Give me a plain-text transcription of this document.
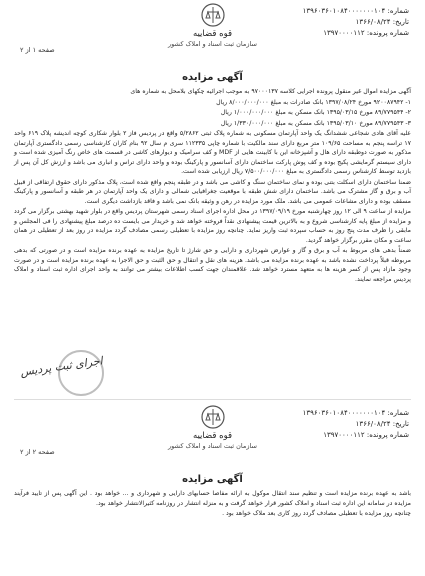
شماره: ۱۳۹۶۰۳۶۰۱۰۸۴۰۰۰۰۰۰۰۱۰۴
تاریخ: ۱۳۶۶/۰۸/۲۴
شماره پرونده: ۱۳۹۷۰۰۰۰۱۱۲
قوه قضاییه
سازمان ثبت اسناد و املاک کشور
صفحه ۱ از ۲
آگهی مزایده

آگهی مزایده اموال غیر منقول پرونده اجرایی کلاسه ۹۷۰۰۰۱۳۷ به موجب اجرائیه چکهای بلامحل به شماره های

۱- ۹۲۰۰۸۷۹۴۲ مورخ ۱۳۹۷/۰۸/۲۴ بانک صادرات به مبلغ ۸/۰۰۰/۰۰۰/۰۰۰ ریال

۲- ۸۹/۷۷۹۵۴۴ مورخ ۱۳۹۵/۰۳/۱۵ بانک مسکن به مبلغ ۱/۰۰۰/۰۰۰/۰۰۰ ریال

۳- ۸۹/۷۷۹۵۴۳ مورخ ۱۳۹۵/۰۳/۱۰ بانک مسکن به مبلغ ۱/۳۳۰/۰۰۰/۰۰۰ ریال

علیه آقای هادی شجاعی ششدانگ یک واحد آپارتمان مسکونی به شماره پلاک ثبتی ۵/۲۸۶۲ واقع در پردیس فاز ۲ بلوار شکاری کوچه اندیشه پلاک ۶۱۹ واحد ۱۷ تراسه پنجم به مساحت ۱۰۹/۶۵ متر مربع دارای سند مالکیت با شماره چاپی ۱۱۲۳۳۵ سری م سال ۹۲ بنام کاران کارشناسی رسمی دادگستری آپارتمان مذکور به صورت دوطبقه دارای هال و آشپزخانه این با کابینت هایی از MDF و کف سرامیک و دیوارهای کاشی در قسمت های خاص رنگ آمیزی شده است و دارای سیستم گرمایشی پکیج بوده و کف پوش پارکت ساختمان دارای آسانسور و پارکینگ بوده و واحد دارای تراس و انباری می باشد و ارزش کل آن پس از بازدید توسط کارشناس رسمی دادگستری به مبلغ ۷/۵۰۰/۰۰۰/۰۰۰ ریال ارزیابی شده است.

ضمنا ساختمان دارای اسکلت بتنی بوده و نمای ساختمان سنگ و کاشی می باشد و در طبقه پنجم واقع شده است، پلاک مذکور دارای حقوق ارتفاقی از قبیل آب و برق و گاز مشترک می باشد. ساختمان دارای شش طبقه با موقعیت جغرافیایی شمالی و دارای یک واحد آپارتمان در هر طبقه و آسانسور و پارکینگ مسقف بوده و دارای مشاعات عمومی می باشد. ملک مورد مزایده در رهن و وثیقه بانک نمی باشد و فاقد بازداشت دیگری است.

مزایده از ساعت ۹ الی ۱۲ روز چهارشنبه مورخ ۱۳۹۷/۰۹/۱۹ در محل اداره اجرای اسناد رسمی شهرستان پردیس واقع در بلوار شهید بهشتی برگزار می گردد و مزایده از مبلغ پایه کارشناسی شروع و به بالاترین قیمت پیشنهادی نقداً فروخته خواهد شد و خریدار می بایست ده درصد مبلغ پیشنهادی را فی المجلس و مابقی را ظرف مدت پنج روز به حساب سپرده ثبت واریز نماید. چنانچه روز مزایده با تعطیلی رسمی مصادف گردد مزایده در روز بعد از تعطیلی در همان ساعت و مکان مقرر برگزار خواهد گردید.

ضمناً بدهی های مربوط به آب و برق و گاز و عوارض شهرداری و دارایی و حق شارژ تا تاریخ مزایده به عهده برنده مزایده است و در صورتی که بدهی مربوطه قبلاً پرداخت نشده باشد به عهده برنده مزایده می باشد. هزینه های نقل و انتقال و حق الثبت و حق الاجرا به عهده برنده مزایده است و در صورت وجود مازاد پس از کسر هزینه ها به متعهد مسترد خواهد شد. علاقمندان جهت کسب اطلاعات بیشتر می توانند به واحد اجرای اداره ثبت اسناد و املاک پردیس مراجعه نمایند.

اجرای ثبت پردیس
شماره: ۱۳۹۶۰۳۶۰۱۰۸۴۰۰۰۰۰۰۰۱۰۴
تاریخ: ۱۳۶۶/۰۸/۲۴
شماره پرونده: ۱۳۹۷۰۰۰۰۱۱۲
قوه قضاییه
سازمان ثبت اسناد و املاک کشور
صفحه ۲ از ۲
آگهی مزایده

باشد به عهده برنده مزایده است و تنظیم سند انتقال موکول به ارائه مفاصا حسابهای دارایی و شهرداری و ... خواهد بود . این آگهی پس از تایید فرآیند مزایده در سامانه این اداره ثبت اسناد و املاک کشور قرار خواهد گرفت و به منزله انتشار در روزنامه کثیرالانتشار خواهد بود.

چنانچه روز مزایده با تعطیلی مصادف گردد روز کاری بعد ملاک خواهد بود .
